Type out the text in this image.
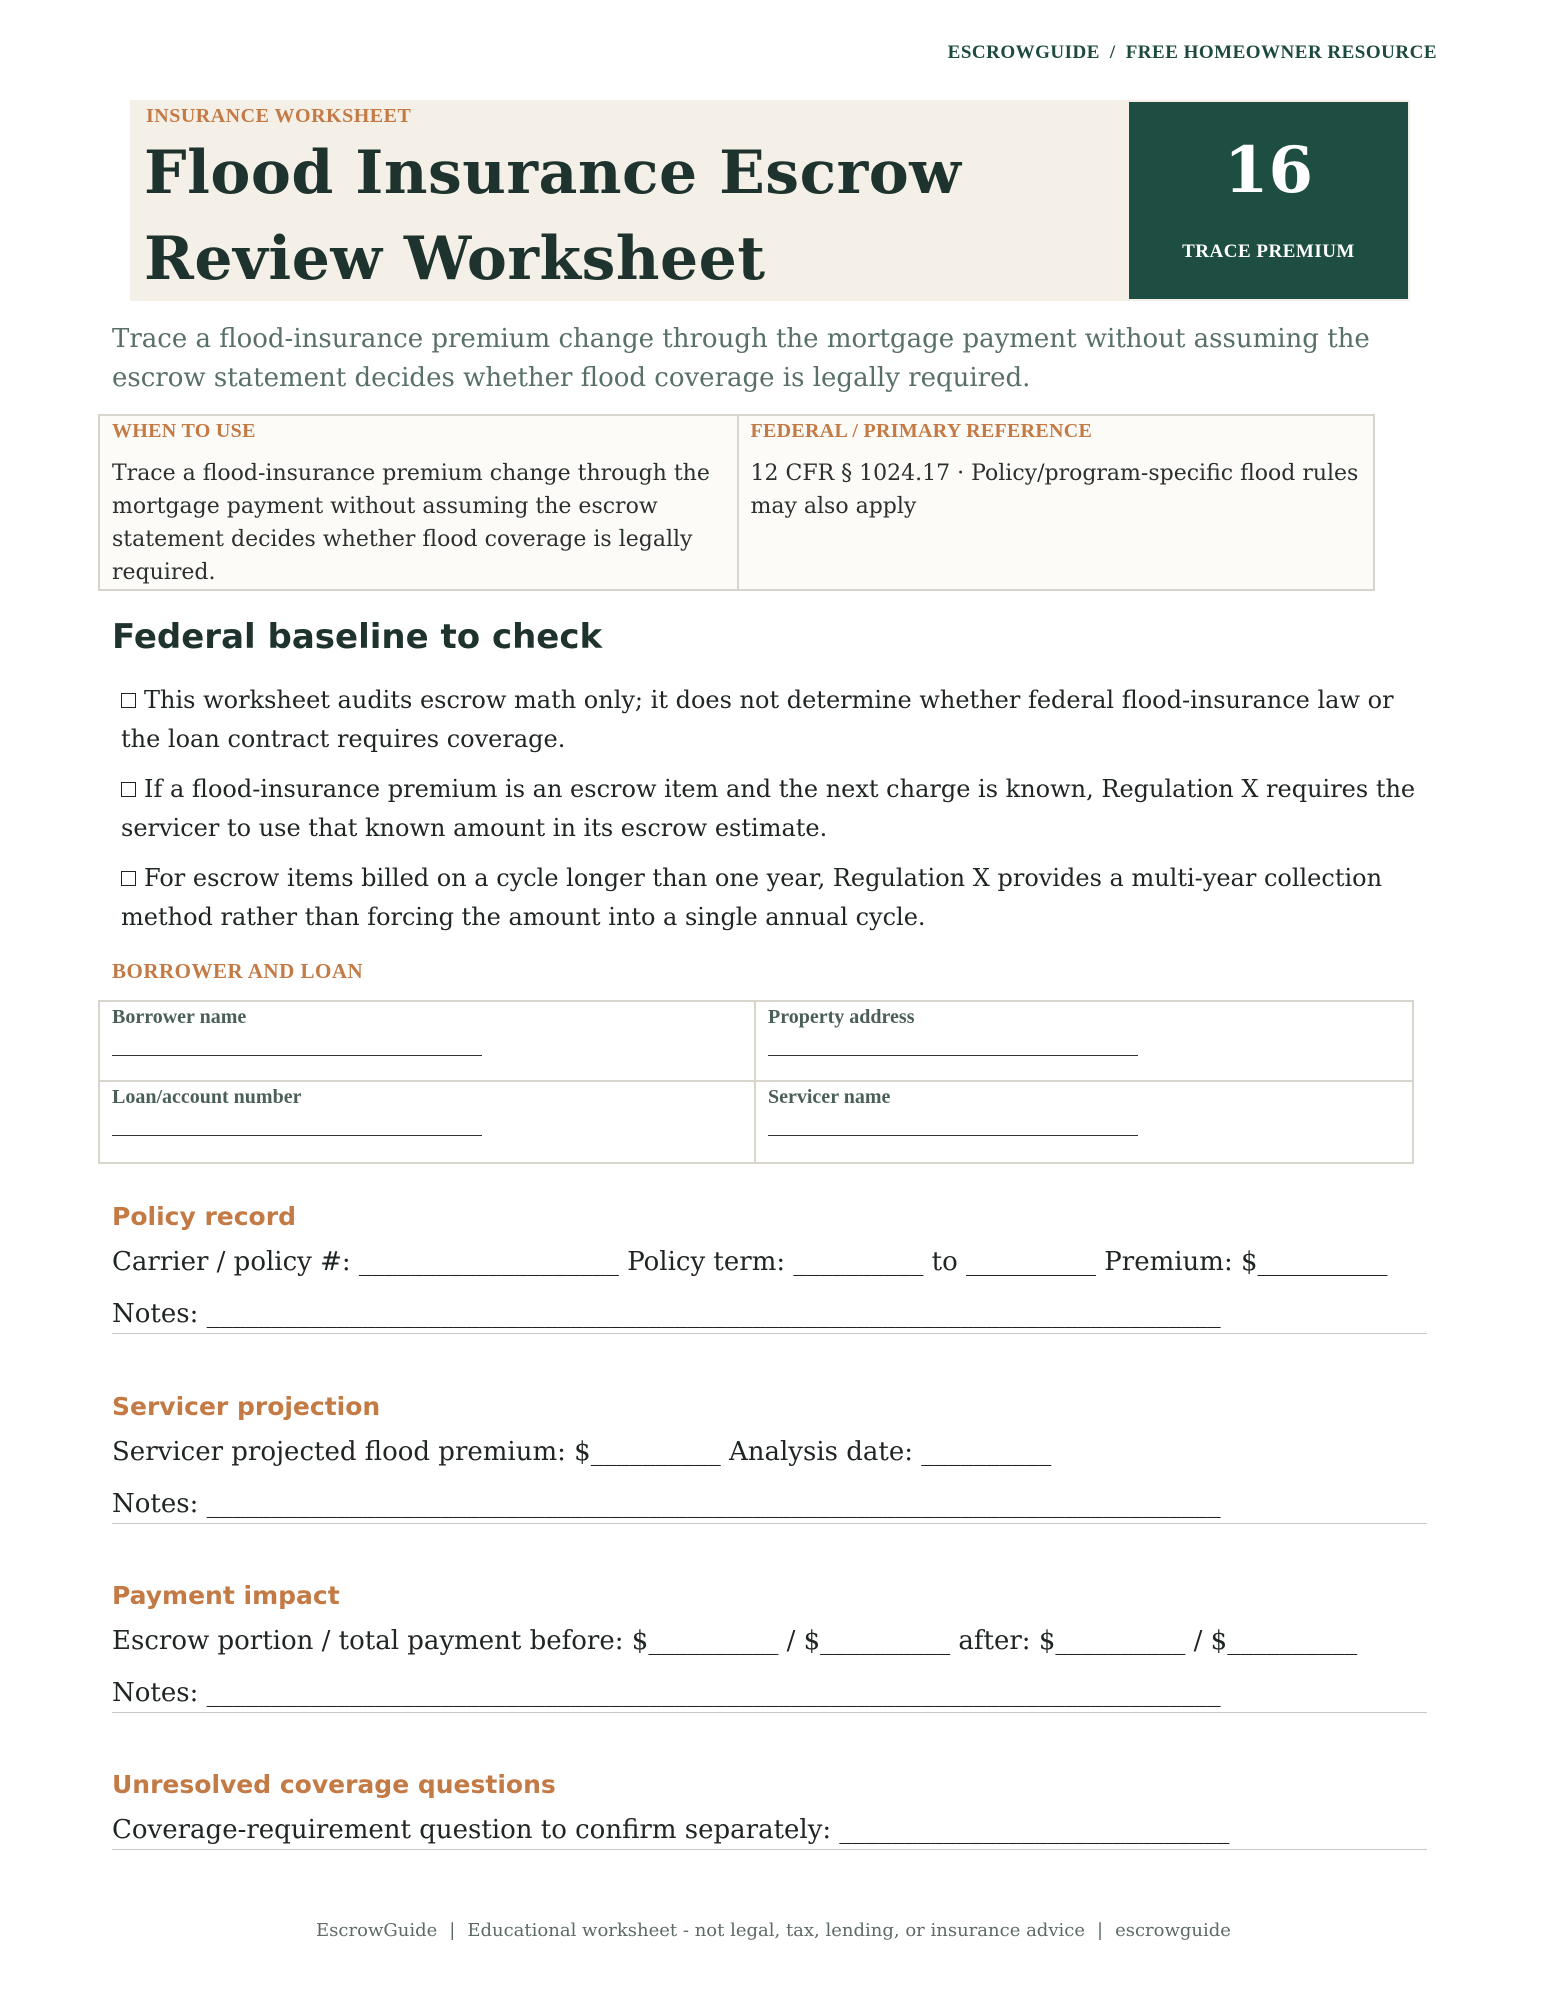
ESCROWGUIDE / FREE HOMEOWNER RESOURCE
INSURANCE WORKSHEET
Flood Insurance Escrow Review Worksheet
16
TRACE PREMIUM
Trace a flood-insurance premium change through the mortgage payment without assuming the escrow statement decides whether flood coverage is legally required.
WHEN TO USE
Trace a flood-insurance premium change through the mortgage payment without assuming the escrow statement decides whether flood coverage is legally required.
FEDERAL / PRIMARY REFERENCE
12 CFR § 1024.17 · Policy/program-specific flood rules may also apply
Federal baseline to check
This worksheet audits escrow math only; it does not determine whether federal flood-insurance law or the loan contract requires coverage.
If a flood-insurance premium is an escrow item and the next charge is known, Regulation X requires the servicer to use that known amount in its escrow estimate.
For escrow items billed on a cycle longer than one year, Regulation X provides a multi-year collection method rather than forcing the amount into a single annual cycle.
BORROWER AND LOAN
Borrower name	Property address
Loan/account number	Servicer name
Policy record
Carrier / policy #: ____________________ Policy term: __________ to __________ Premium: $__________
Notes: ______________________________________________________________________________
Servicer projection
Servicer projected flood premium: $__________ Analysis date: __________
Notes: ______________________________________________________________________________
Payment impact
Escrow portion / total payment before: $__________ / $__________ after: $__________ / $__________
Notes: ______________________________________________________________________________
Unresolved coverage questions
Coverage-requirement question to confirm separately: ______________________________
EscrowGuide | Educational worksheet - not legal, tax, lending, or insurance advice | escrowguide
